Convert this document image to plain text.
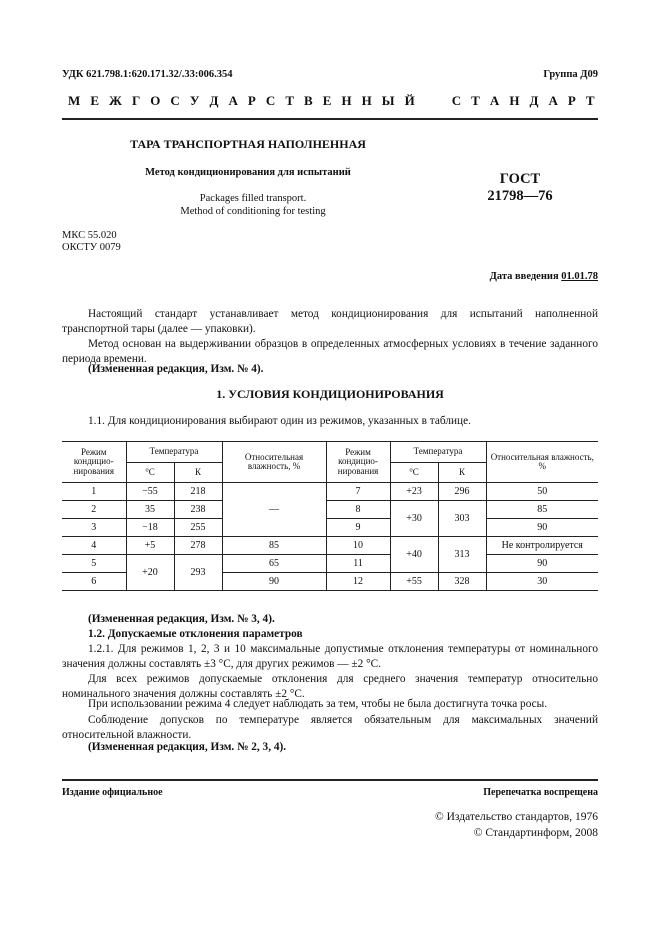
УДК 621.798.1:620.171.32/.33:006.354	Группа Д09
М Е Ж Г О С У Д А Р С Т В Е Н Н Ы Й	С Т А Н Д А Р Т
ТАРА ТРАНСПОРТНАЯ НАПОЛНЕННАЯ
Метод кондиционирования для испытаний
Packages filled transport.
Method of conditioning for testing
ГОСТ
21798—76
МКС 55.020
ОКСТУ 0079
Дата введения 01.01.78
Настоящий стандарт устанавливает метод кондиционирования для испытаний наполненной транспортной тары (далее — упаковки).
Метод основан на выдерживании образцов в определенных атмосферных условиях в течение заданного периода времени.
(Измененная редакция, Изм. № 4).
1. УСЛОВИЯ КОНДИЦИОНИРОВАНИЯ
1.1. Для кондиционирования выбирают один из режимов, указанных в таблице.
Режим кондицио-нирования	Температура		Относительная влажность, %	Режим кондицио-нирования	Температура		Относительная влажность, %
	°С	К			°С	К	
1	−55	218	—	7	+23	296	50
2	35	238		8	+30	303	85
3	−18	255		9			90
4	+5	278	85	10	+40	313	Не контролируется
5	+20	293	65	11			90
6			90	12	+55	328	30
(Измененная редакция, Изм. № 3, 4).
1.2. Допускаемые отклонения параметров
1.2.1. Для режимов 1, 2, 3 и 10 максимальные допустимые отклонения температуры от номинального значения должны составлять ±3 °С, для других режимов — ±2 °С.
Для всех режимов допускаемые отклонения для среднего значения температур относительно номинального значения должны составлять ±2 °С.
При использовании режима 4 следует наблюдать за тем, чтобы не была достигнута точка росы.
Соблюдение допусков по температуре является обязательным для максимальных значений относительной влажности.
(Измененная редакция, Изм. № 2, 3, 4).
Издание официальное	Перепечатка воспрещена
© Издательство стандартов, 1976
© Стандартинформ, 2008
